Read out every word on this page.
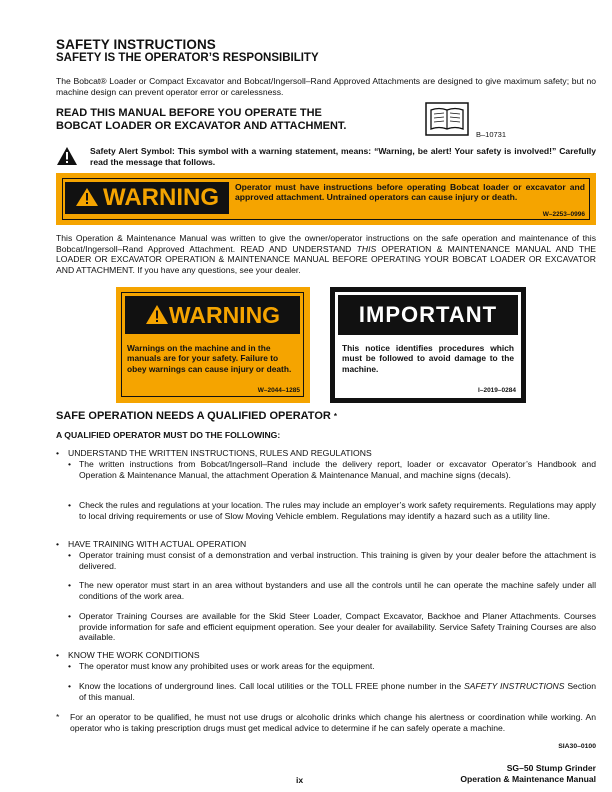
SAFETY INSTRUCTIONS
SAFETY IS THE OPERATOR’S RESPONSIBILITY
The Bobcat® Loader or Compact Excavator and Bobcat/Ingersoll–Rand Approved Attachments are designed to give maximum safety; but no machine design can prevent operator error or carelessness.
READ THIS MANUAL BEFORE YOU OPERATE THE
BOBCAT LOADER OR EXCAVATOR AND ATTACHMENT.
B–10731
Safety Alert Symbol: This symbol with a warning statement, means: “Warning, be alert! Your safety is involved!” Carefully read the message that follows.
WARNING	Operator must have instructions before operating Bobcat loader or excavator and approved attachment. Untrained operators can cause injury or death.
W–2253–0996
This Operation & Maintenance Manual was written to give the owner/operator instructions on the safe operation and maintenance of this Bobcat/Ingersoll–Rand Approved Attachment. READ AND UNDERSTAND THIS OPERATION & MAINTENANCE MANUAL AND THE LOADER OR EXCAVATOR OPERATION & MAINTENANCE MANUAL BEFORE OPERATING YOUR BOBCAT LOADER OR EXCAVATOR AND ATTACHMENT. If you have any questions, see your dealer.
WARNING
Warnings on the machine and in the manuals are for your safety. Failure to obey warnings can cause injury or death.
W–2044–1285
IMPORTANT
This notice identifies procedures which must be followed to avoid damage to the machine.
I–2019–0284
SAFE OPERATION NEEDS A QUALIFIED OPERATOR *
A QUALIFIED OPERATOR MUST DO THE FOLLOWING:
• UNDERSTAND THE WRITTEN INSTRUCTIONS, RULES AND REGULATIONS
• The written instructions from Bobcat/Ingersoll–Rand include the delivery report, loader or excavator Operator’s Handbook and Operation & Maintenance Manual, the attachment Operation & Maintenance Manual, and machine signs (decals).
• Check the rules and regulations at your location. The rules may include an employer’s work safety requirements. Regulations may apply to local driving requirements or use of Slow Moving Vehicle emblem. Regulations may identify a hazard such as a utility line.
• HAVE TRAINING WITH ACTUAL OPERATION
• Operator training must consist of a demonstration and verbal instruction. This training is given by your dealer before the attachment is delivered.
• The new operator must start in an area without bystanders and use all the controls until he can operate the machine safely under all conditions of the work area.
• Operator Training Courses are available for the Skid Steer Loader, Compact Excavator, Backhoe and Planer Attachments. Courses provide information for safe and efficient equipment operation. See your dealer for availability. Service Safety Training Courses are also available.
• KNOW THE WORK CONDITIONS
• The operator must know any prohibited uses or work areas for the equipment.
• Know the locations of underground lines. Call local utilities or the TOLL FREE phone number in the SAFETY INSTRUCTIONS Section of this manual.
* For an operator to be qualified, he must not use drugs or alcoholic drinks which change his alertness or coordination while working. An operator who is taking prescription drugs must get medical advice to determine if he can safely operate a machine.
SIA30–0100
ix
SG–50 Stump Grinder
Operation & Maintenance Manual
